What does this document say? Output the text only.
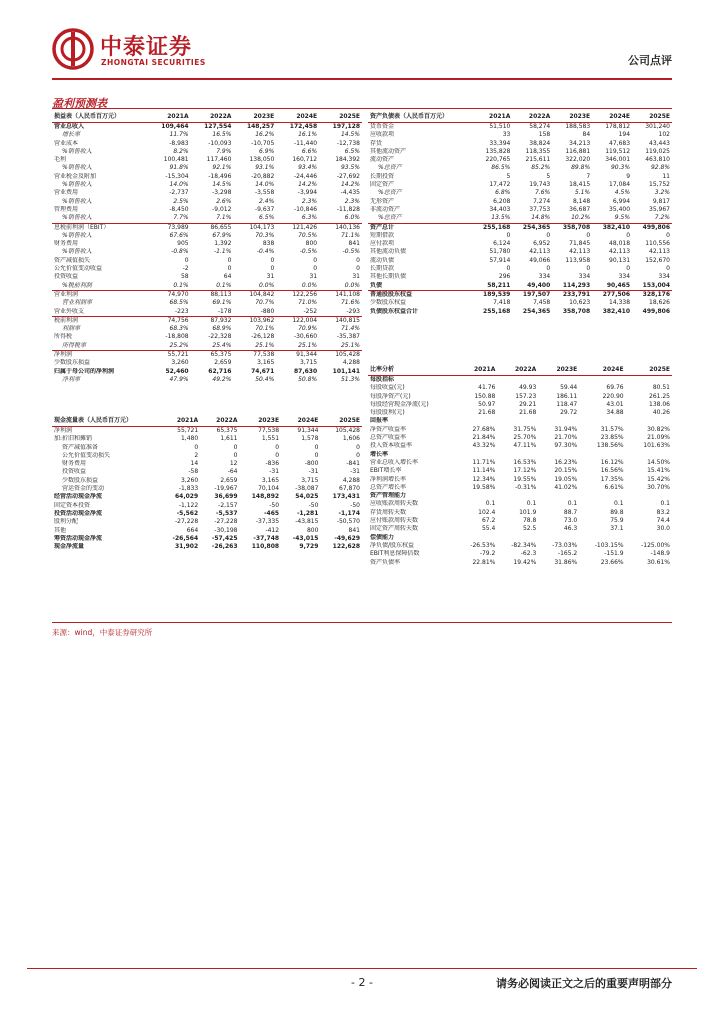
中泰证券
ZHONGTAI SECURITIES	公司点评
盈利预测表
损益表（人民币百万元）	2021A	2022A	2023E	2024E	2025E
营业总收入	109,464	127,554	148,257	172,458	197,128
增长率	11.7%	16.5%	16.2%	16.1%	14.5%
营业成本	-8,983	-10,093	-10,705	-11,440	-12,738
%销售收入	8.2%	7.9%	6.9%	6.6%	6.5%
毛利	100,481	117,460	138,050	160,712	184,392
%销售收入	91.8%	92.1%	93.1%	93.4%	93.5%
营业税金及附加	-15,304	-18,496	-20,882	-24,446	-27,692
%销售收入	14.0%	14.5%	14.0%	14.2%	14.2%
营业费用	-2,737	-3,298	-3,558	-3,994	-4,435
%销售收入	2.5%	2.6%	2.4%	2.3%	2.3%
管理费用	-8,450	-9,012	-9,637	-10,846	-11,828
%销售收入	7.7%	7.1%	6.5%	6.3%	6.0%
息税前利润（EBIT）	73,989	86,655	104,173	121,426	140,136
%销售收入	67.6%	67.9%	70.3%	70.5%	71.1%
财务费用	905	1,392	838	800	841
%销售收入	-0.8%	-1.1%	-0.4%	-0.5%	-0.5%
资产减值损失	0	0	0	0	0
公允价值变动收益	-2	0	0	0	0
投资收益	58	64	31	31	31
%税前利润	0.1%	0.1%	0.0%	0.0%	0.0%
营业利润	74,970	88,113	104,842	122,256	141,108
营业利润率	68.5%	69.1%	70.7%	71.0%	71.6%
营业外收支	-223	-178	-880	-252	-293
税前利润	74,756	87,932	103,962	122,004	140,815
利润率	68.3%	68.9%	70.1%	70.9%	71.4%
所得税	-18,808	-22,328	-26,128	-30,660	-35,387
所得税率	25.2%	25.4%	25.1%	25.1%	25.1%
净利润	55,721	65,375	77,538	91,344	105,428
少数股东损益	3,260	2,659	3,165	3,715	4,288
归属于母公司的净利润	52,460	62,716	74,671	87,630	101,141
净利率	47.9%	49.2%	50.4%	50.8%	51.3%
资产负债表（人民币百万元）	2021A	2022A	2023E	2024E	2025E
货币资金	51,510	58,274	188,583	178,812	301,240
应收款项	33	158	84	194	102
存货	33,394	38,824	34,213	47,683	43,443
其他流动资产	135,828	118,355	116,881	119,512	119,025
流动资产	220,765	215,611	322,020	346,001	463,810
%总资产	86.5%	85.2%	89.8%	90.3%	92.8%
长期投资	5	5	7	9	11
固定资产	17,472	19,743	18,415	17,084	15,752
%总资产	6.8%	7.6%	5.1%	4.5%	3.2%
无形资产	6,208	7,274	8,148	6,994	9,817
非流动资产	34,403	37,753	36,687	35,400	35,967
%总资产	13.5%	14.8%	10.2%	9.5%	7.2%
资产总计	255,168	254,365	358,708	382,410	499,806
短期借款	0	0	0	0	0
应付款项	6,124	6,952	71,845	48,018	110,556
其他流动负债	51,780	42,113	42,113	42,113	42,113
流动负债	57,914	49,066	113,958	90,131	152,670
长期贷款	0	0	0	0	0
其他长期负债	296	334	334	334	334
负债	58,211	49,400	114,293	90,465	153,004
普通股股东权益	189,539	197,507	233,791	277,506	328,176
少数股东权益	7,418	7,458	10,623	14,338	18,626
负债股东权益合计	255,168	254,365	358,708	382,410	499,806
现金流量表（人民币百万元）	2021A	2022A	2023E	2024E	2025E
净利润	55,721	65,375	77,538	91,344	105,428
加:折旧和摊销	1,480	1,611	1,551	1,578	1,606
资产减值准备	0	0	0	0	0
公允价值变动损失	2	0	0	0	0
财务费用	14	12	-836	-800	-841
投资收益	-58	-64	-31	-31	-31
少数股东损益	3,260	2,659	3,165	3,715	4,288
营运资金的变动	-1,833	-19,967	70,104	-38,087	67,870
经营活动现金净流	64,029	36,699	148,892	54,025	173,431
固定资本投资	-1,122	-2,157	-50	-50	-50
投资活动现金净流	-5,562	-5,537	-465	-1,281	-1,174
股利分配	-27,228	-27,228	-37,335	-43,815	-50,570
其他	664	-30,198	-412	800	841
筹资活动现金净流	-26,564	-57,425	-37,748	-43,015	-49,629
现金净流量	31,902	-26,263	110,808	9,729	122,628
比率分析	2021A	2022A	2023E	2024E	2025E
每股指标					
每股收益(元)	41.76	49.93	59.44	69.76	80.51
每股净资产(元)	150.88	157.23	186.11	220.90	261.25
每股经营现金净流(元)	50.97	29.21	118.47	43.01	138.06
每股股利(元)	21.68	21.68	29.72	34.88	40.26
回报率					
净资产收益率	27.68%	31.75%	31.94%	31.57%	30.82%
总资产收益率	21.84%	25.70%	21.70%	23.85%	21.09%
投入资本收益率	43.32%	47.11%	97.30%	138.56%	101.63%
增长率					
营业总收入增长率	11.71%	16.53%	16.23%	16.12%	14.50%
EBIT增长率	11.14%	17.12%	20.15%	16.56%	15.41%
净利润增长率	12.34%	19.55%	19.05%	17.35%	15.42%
总资产增长率	19.58%	-0.31%	41.02%	6.61%	30.70%
资产管理能力					
应收账款周转天数	0.1	0.1	0.1	0.1	0.1
存货周转天数	102.4	101.9	88.7	89.8	83.2
应付账款周转天数	67.2	78.8	73.0	75.9	74.4
固定资产周转天数	55.4	52.5	46.3	37.1	30.0
偿债能力					
净负债/股东权益	-26.53%	-82.34%	-73.03%	-103.15%	-125.00%
EBIT利息保障倍数	-79.2	-62.3	-165.2	-151.9	-148.9
资产负债率	22.81%	19.42%	31.86%	23.66%	30.61%
来源：wind，中泰证券研究所
- 2 -	请务必阅读正文之后的重要声明部分
